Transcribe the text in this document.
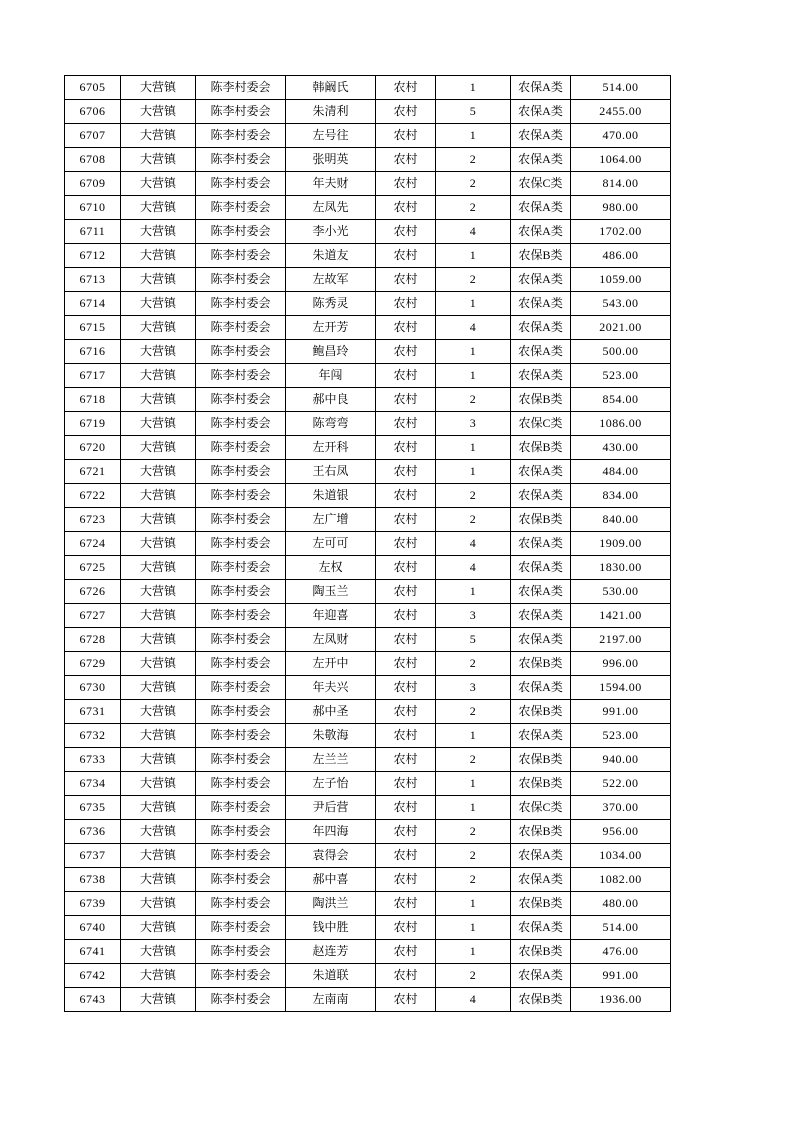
6705	大营镇	陈李村委会	韩阚氏	农村	1	农保A类	514.00
6706	大营镇	陈李村委会	朱清利	农村	5	农保A类	2455.00
6707	大营镇	陈李村委会	左号往	农村	1	农保A类	470.00
6708	大营镇	陈李村委会	张明英	农村	2	农保A类	1064.00
6709	大营镇	陈李村委会	年夫财	农村	2	农保C类	814.00
6710	大营镇	陈李村委会	左凤先	农村	2	农保A类	980.00
6711	大营镇	陈李村委会	李小光	农村	4	农保A类	1702.00
6712	大营镇	陈李村委会	朱道友	农村	1	农保B类	486.00
6713	大营镇	陈李村委会	左故军	农村	2	农保A类	1059.00
6714	大营镇	陈李村委会	陈秀灵	农村	1	农保A类	543.00
6715	大营镇	陈李村委会	左开芳	农村	4	农保A类	2021.00
6716	大营镇	陈李村委会	鲍昌玲	农村	1	农保A类	500.00
6717	大营镇	陈李村委会	年闯	农村	1	农保A类	523.00
6718	大营镇	陈李村委会	郝中良	农村	2	农保B类	854.00
6719	大营镇	陈李村委会	陈弯弯	农村	3	农保C类	1086.00
6720	大营镇	陈李村委会	左开科	农村	1	农保B类	430.00
6721	大营镇	陈李村委会	王右凤	农村	1	农保A类	484.00
6722	大营镇	陈李村委会	朱道银	农村	2	农保A类	834.00
6723	大营镇	陈李村委会	左广增	农村	2	农保B类	840.00
6724	大营镇	陈李村委会	左可可	农村	4	农保A类	1909.00
6725	大营镇	陈李村委会	左权	农村	4	农保A类	1830.00
6726	大营镇	陈李村委会	陶玉兰	农村	1	农保A类	530.00
6727	大营镇	陈李村委会	年迎喜	农村	3	农保A类	1421.00
6728	大营镇	陈李村委会	左凤财	农村	5	农保A类	2197.00
6729	大营镇	陈李村委会	左开中	农村	2	农保B类	996.00
6730	大营镇	陈李村委会	年夫兴	农村	3	农保A类	1594.00
6731	大营镇	陈李村委会	郝中圣	农村	2	农保B类	991.00
6732	大营镇	陈李村委会	朱敬海	农村	1	农保A类	523.00
6733	大营镇	陈李村委会	左兰兰	农村	2	农保B类	940.00
6734	大营镇	陈李村委会	左子怡	农村	1	农保B类	522.00
6735	大营镇	陈李村委会	尹后营	农村	1	农保C类	370.00
6736	大营镇	陈李村委会	年四海	农村	2	农保B类	956.00
6737	大营镇	陈李村委会	袁得会	农村	2	农保A类	1034.00
6738	大营镇	陈李村委会	郝中喜	农村	2	农保A类	1082.00
6739	大营镇	陈李村委会	陶洪兰	农村	1	农保B类	480.00
6740	大营镇	陈李村委会	钱中胜	农村	1	农保A类	514.00
6741	大营镇	陈李村委会	赵连芳	农村	1	农保B类	476.00
6742	大营镇	陈李村委会	朱道联	农村	2	农保A类	991.00
6743	大营镇	陈李村委会	左南南	农村	4	农保B类	1936.00
